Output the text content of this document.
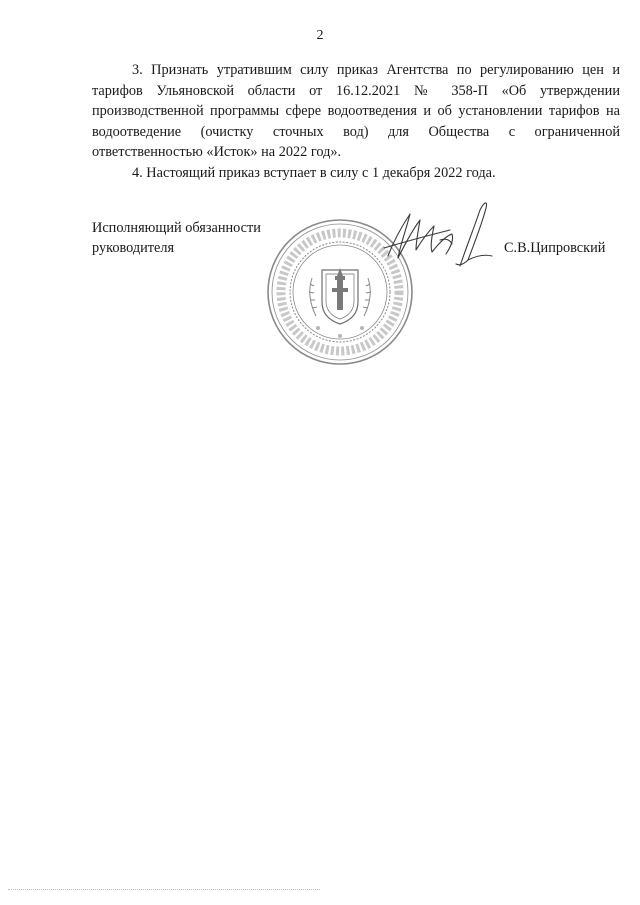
2

3. Признать утратившим силу приказ Агентства по регулированию цен и тарифов Ульяновской области от 16.12.2021 № 358-П «Об утверждении производственной программы сфере водоотведения и об установлении тарифов на водоотведение (очистку сточных вод) для Общества с ограниченной ответственностью «Исток» на 2022 год».

4. Настоящий приказ вступает в силу с 1 декабря 2022 года.

Исполняющий обязанности
руководителя	С.В.Ципровский
